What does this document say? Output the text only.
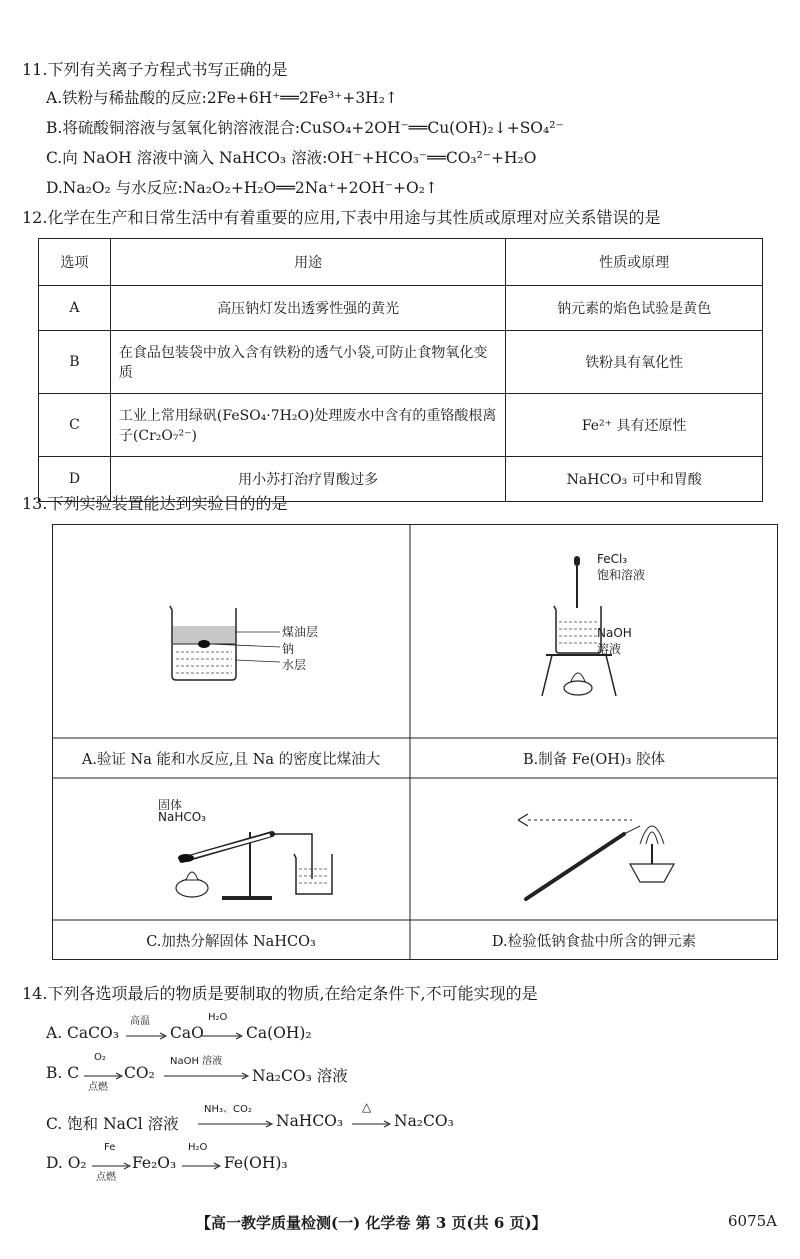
11.下列有关离子方程式书写正确的是
A.铁粉与稀盐酸的反应:2Fe+6H⁺══2Fe³⁺+3H₂↑
B.将硫酸铜溶液与氢氧化钠溶液混合:CuSO₄+2OH⁻══Cu(OH)₂↓+SO₄²⁻
C.向 NaOH 溶液中滴入 NaHCO₃ 溶液:OH⁻+HCO₃⁻══CO₃²⁻+H₂O
D.Na₂O₂ 与水反应:Na₂O₂+H₂O══2Na⁺+2OH⁻+O₂↑
12.化学在生产和日常生活中有着重要的应用,下表中用途与其性质或原理对应关系错误的是
选项	用途	性质或原理
A	高压钠灯发出透雾性强的黄光	钠元素的焰色试验是黄色
B	在食品包装袋中放入含有铁粉的透气小袋,可防止食物氧化变质	铁粉具有氧化性
C	工业上常用绿矾(FeSO₄·7H₂O)处理废水中含有的重铬酸根离子(Cr₂O₇²⁻)	Fe²⁺ 具有还原性
D	用小苏打治疗胃酸过多	NaHCO₃ 可中和胃酸
13.下列实验装置能达到实验目的的是
煤油层
钠
水层
FeCl₃
饱和溶液
NaOH
溶液
固体
NaHCO₃
A.验证 Na 能和水反应,且 Na 的密度比煤油大	B.制备 Fe(OH)₃ 胶体
C.加热分解固体 NaHCO₃	D.检验低钠食盐中所含的钾元素
14.下列各选项最后的物质是要制取的物质,在给定条件下,不可能实现的是
A. CaCO₃
高温
CaO
H₂O
Ca(OH)₂
B. C
O₂
点燃
CO₂
NaOH 溶液
Na₂CO₃ 溶液
C. 饱和 NaCl 溶液
NH₃、CO₂
NaHCO₃
△
Na₂CO₃
D. O₂
Fe
点燃
Fe₂O₃
H₂O
Fe(OH)₃
【高一教学质量检测(一) 化学卷 第 3 页(共 6 页)】	6075A
